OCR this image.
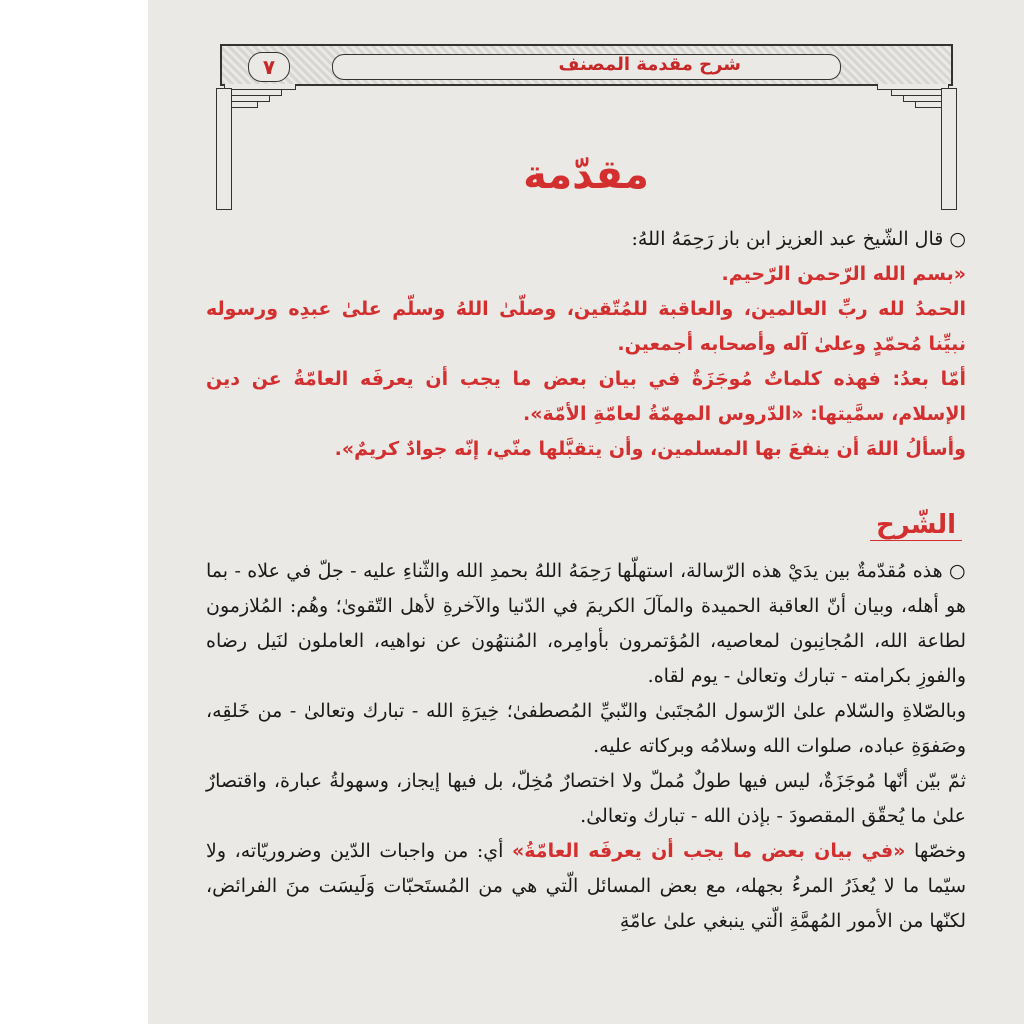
٧	شرح مقدمة المصنف
مقدّمة
○ قال الشّيخ عبد العزيز ابن باز رَحِمَهُ اللهُ:
«بسم الله الرّحمن الرّحيم.
الحمدُ لله ربِّ العالمين، والعاقبة للمُتّقين، وصلّىٰ اللهُ وسلّم علىٰ عبدِه ورسوله نبيِّنا مُحمّدٍ وعلىٰ آله وأصحابه أجمعين.
أمّا بعدُ: فهذه كلماتٌ مُوجَزَةٌ في بيان بعض ما يجب أن يعرفَه العامّةُ عن دين الإسلام، سمَّيتها: «الدّروس المهمّةُ لعامّةِ الأمّة».
وأسألُ اللهَ أن ينفعَ بها المسلمين، وأن يتقبَّلها منّي، إنّه جوادٌ كريمٌ».
الشّرح
○ هذه مُقدّمةٌ بين يدَيْ هذه الرّسالة، استهلّها رَحِمَهُ اللهُ بحمدِ الله والثّناءِ عليه - جلّ في علاه - بما هو أهله، وبيان أنّ العاقبة الحميدة والمآلَ الكريمَ في الدّنيا والآخرةِ لأهل التّقوىٰ؛ وهُم: المُلازمون لطاعة الله، المُجانِبون لمعاصيه، المُؤتمرون بأوامِره، المُنتهُون عن نواهيه، العاملون لنَيل رضاه والفوزِ بكرامته - تبارك وتعالىٰ - يوم لقاه.
وبالصّلاةِ والسّلام علىٰ الرّسول المُجتَبىٰ والنّبيِّ المُصطفىٰ؛ خِيرَةِ الله - تبارك وتعالىٰ - من خَلقِه، وصَفوَةِ عباده، صلوات الله وسلامُه وبركاته عليه.
ثمّ بيّن أنّها مُوجَزَةٌ، ليس فيها طولٌ مُملّ ولا اختصارٌ مُخِلّ، بل فيها إيجاز، وسهولةُ عبارة، واقتصارٌ علىٰ ما يُحقّق المقصودَ - بإذن الله - تبارك وتعالىٰ.
وخصّها «في بيان بعض ما يجب أن يعرفَه العامّةُ» أي: من واجبات الدّين وضروريّاته، ولا سيّما ما لا يُعذَرُ المرءُ بجهله، مع بعض المسائل الّتي هي من المُستَحبّات وَلَيسَت منَ الفرائض، لكنّها من الأمور المُهمَّةِ الّتي ينبغي علىٰ عامّةِ
